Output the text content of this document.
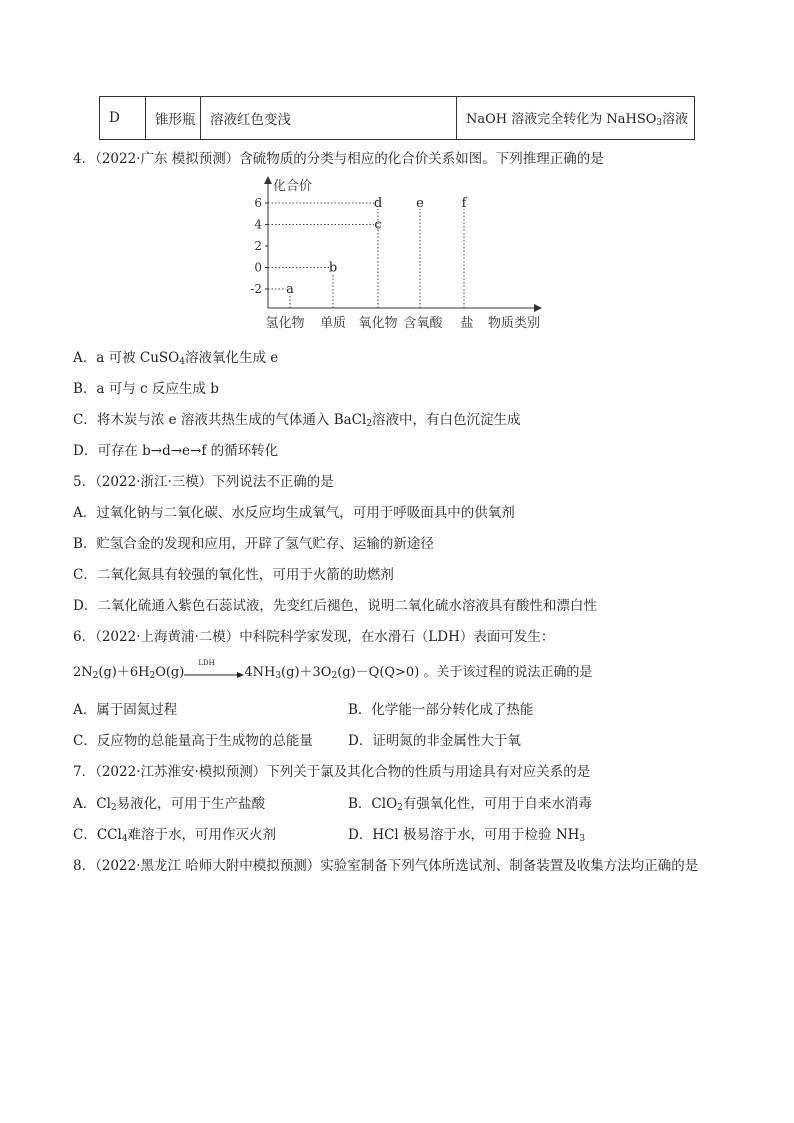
D	锥形瓶	溶液红色变浅	NaOH 溶液完全转化为 NaHSO$_3$溶液
4．（2022·广东 模拟预测）含硫物质的分类与相应的化合价关系如图。下列推理正确的是
化合价
物质类别
6
4
2
0
-2 a
b
c
d	e	f
氢化物 单质 氧化物 含氧酸 盐
A．a 可被 CuSO$_4$溶液氧化生成 e
B．a 可与 c 反应生成 b
C．将木炭与浓 e 溶液共热生成的气体通入 BaCl$_2$溶液中，有白色沉淀生成
D．可存在 b→d→e→f 的循环转化
5．（2022·浙江·三模）下列说法不正确的是
A．过氧化钠与二氧化碳、水反应均生成氧气，可用于呼吸面具中的供氧剂
B．贮氢合金的发现和应用，开辟了氢气贮存、运输的新途径
C．二氧化氮具有较强的氧化性，可用于火箭的助燃剂
D．二氧化硫通入紫色石蕊试液，先变红后褪色，说明二氧化硫水溶液具有酸性和漂白性
6．（2022·上海黄浦·二模）中科院科学家发现，在水滑石（LDH）表面可发生：
$2N_2(g)+6H_2O(g)$
LDH
$4NH_3(g)+3O_2(g)-Q(Q>0)$ 。关于该过程的说法正确的是
A．属于固氮过程	B．化学能一部分转化成了热能
C．反应物的总能量高于生成物的总能量	D．证明氮的非金属性大于氧
7．（2022·江苏淮安·模拟预测）下列关于氯及其化合物的性质与用途具有对应关系的是
A．$Cl_2$易液化，可用于生产盐酸	B．ClO$_2$有强氧化性，可用于自来水消毒
C．CCl$_4$难溶于水，可用作灭火剂	D．HCl 极易溶于水，可用于检验 $NH_3$
8．（2022·黑龙江 哈师大附中模拟预测）实验室制备下列气体所选试剂、制备装置及收集方法均正确的是
